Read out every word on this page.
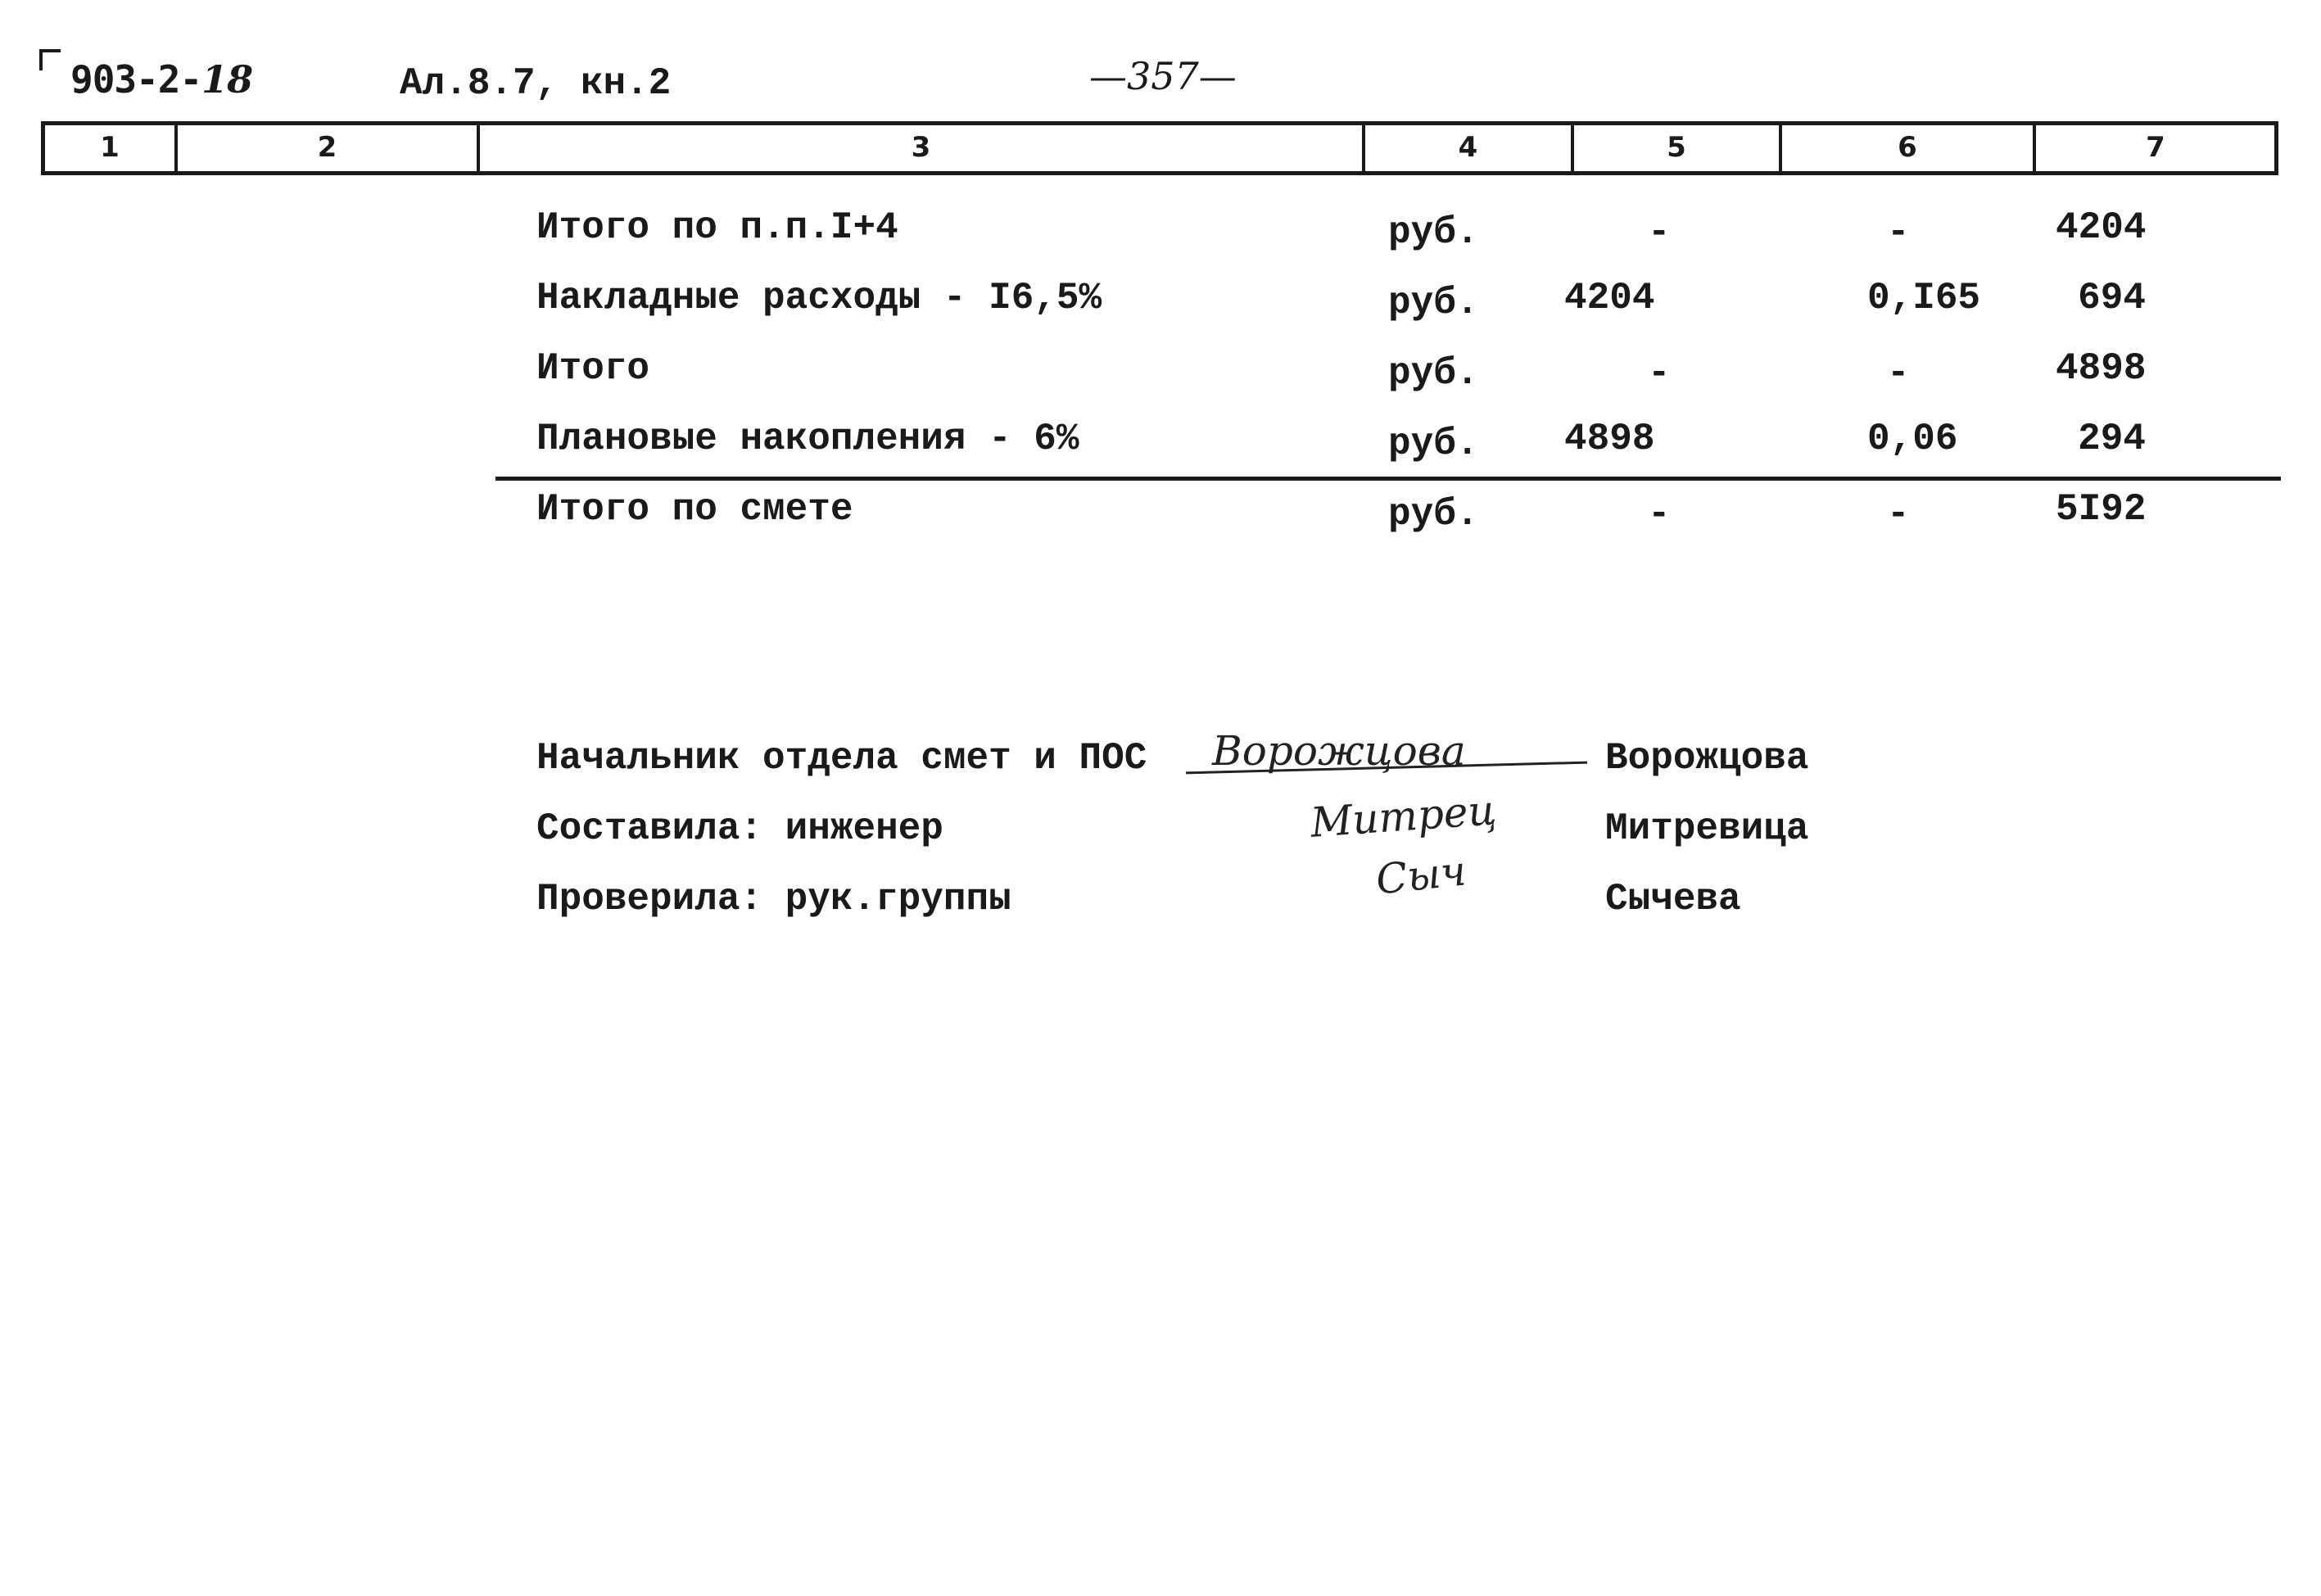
903-2-18	Ал.8.7, кн.2	—357—
1	2	3	4	5	6	7
Итого по п.п.I+4	руб.	-	-	4204
Накладные расходы - I6,5%	руб. 4204	0,I65	694
Итого	руб.	-	-	4898
Плановые накопления - 6%	руб. 4898	0,06	294
Итого по смете	руб.	-	-	5I92
Начальник отдела смет и ПОС Ворожцова	Ворожцова
Составила: инженер	Митрец	Митревица
Проверила: рук.группы	Сыч	Сычева
